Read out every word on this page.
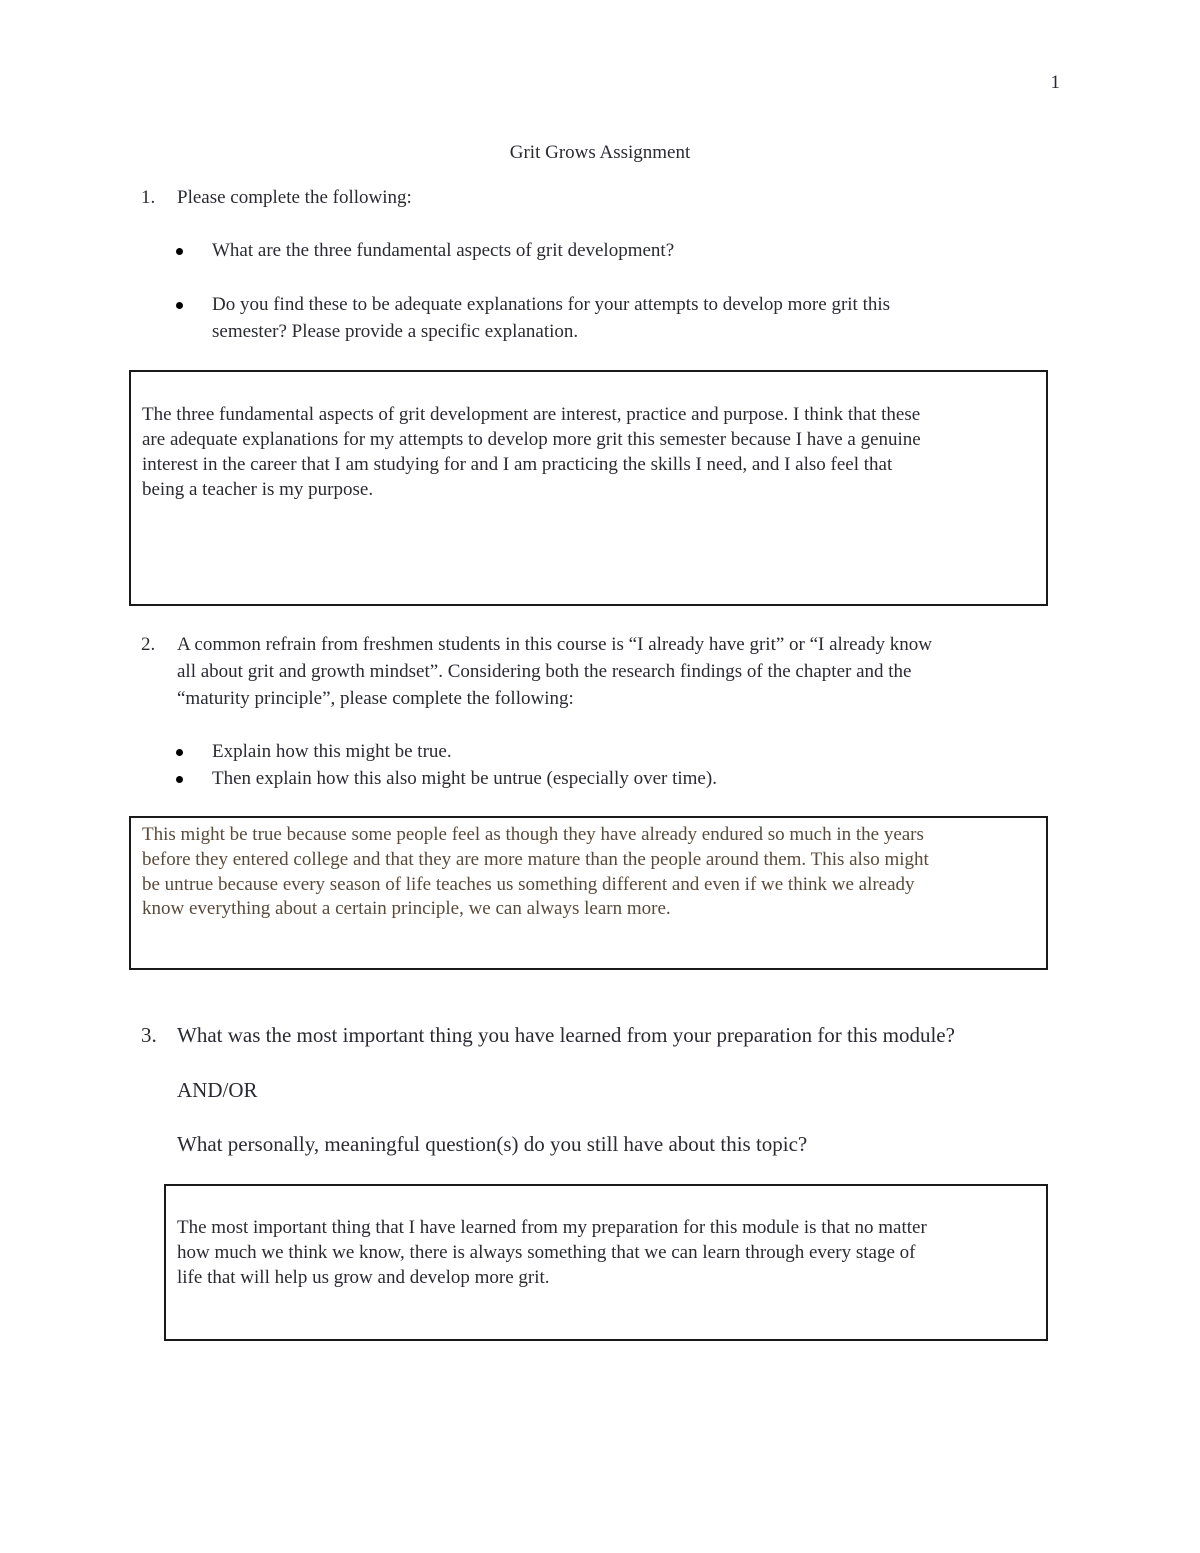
1
Grit Grows Assignment
1. Please complete the following:
What are the three fundamental aspects of grit development?
Do you find these to be adequate explanations for your attempts to develop more grit this
semester? Please provide a specific explanation.
The three fundamental aspects of grit development are interest, practice and purpose. I think that these
are adequate explanations for my attempts to develop more grit this semester because I have a genuine
interest in the career that I am studying for and I am practicing the skills I need, and I also feel that
being a teacher is my purpose.
2. A common refrain from freshmen students in this course is “I already have grit” or “I already know
all about grit and growth mindset”. Considering both the research findings of the chapter and the
“maturity principle”, please complete the following:
Explain how this might be true.
Then explain how this also might be untrue (especially over time).
This might be true because some people feel as though they have already endured so much in the years
before they entered college and that they are more mature than the people around them. This also might
be untrue because every season of life teaches us something different and even if we think we already
know everything about a certain principle, we can always learn more.
3. What was the most important thing you have learned from your preparation for this module?
AND/OR
What personally, meaningful question(s) do you still have about this topic?
The most important thing that I have learned from my preparation for this module is that no matter
how much we think we know, there is always something that we can learn through every stage of
life that will help us grow and develop more grit.
